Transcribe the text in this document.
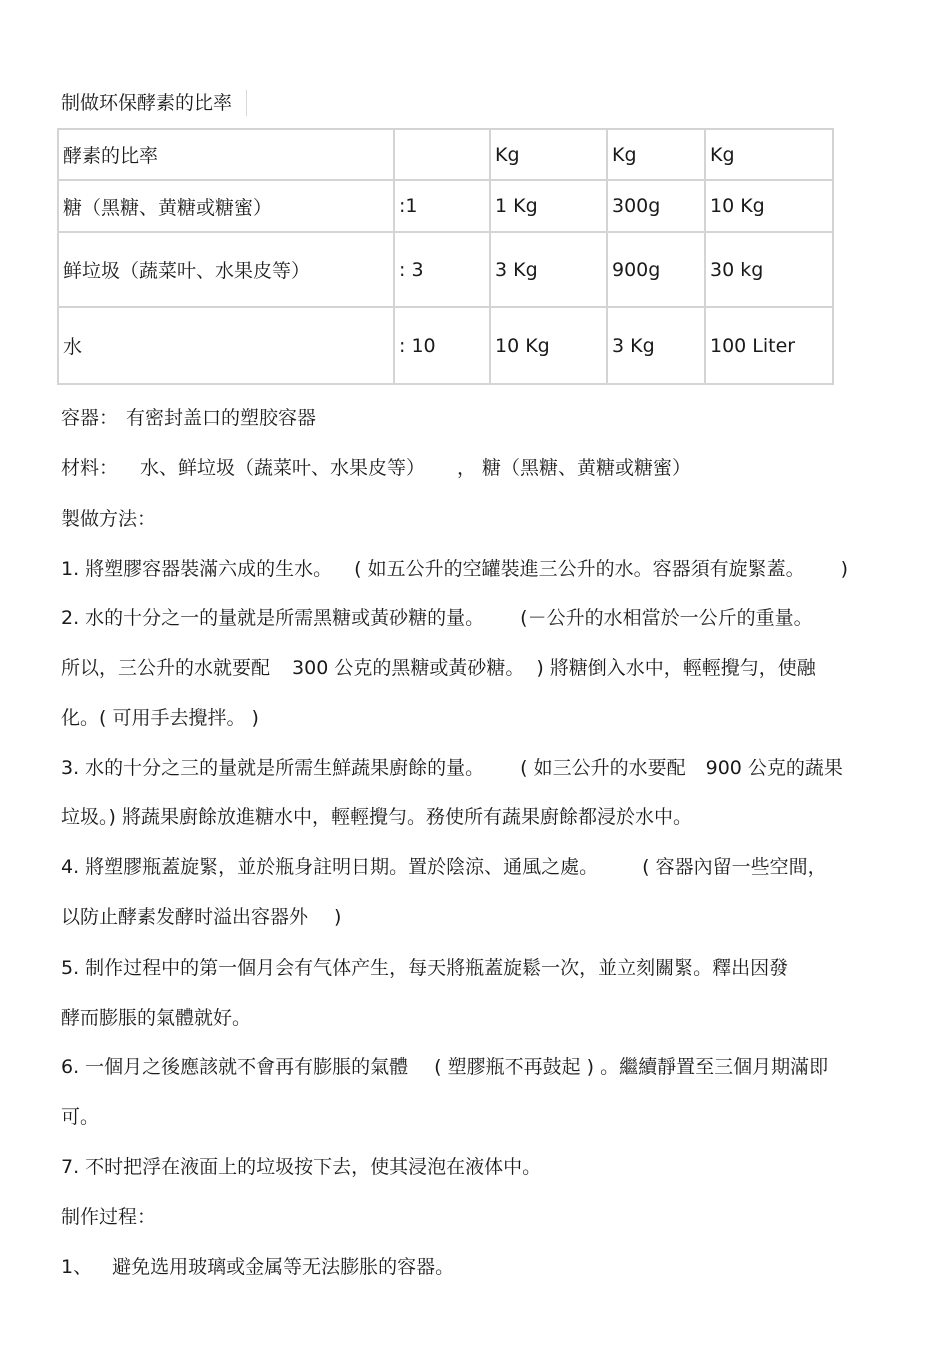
制做环保酵素的比率
酵素的比率		Kg	Kg	Kg
糖（黑糖、黄糖或糖蜜）	:1	1 Kg	300g	10 Kg
鲜垃圾（蔬菜叶、水果皮等）	: 3	3 Kg	900g	30 kg
水	: 10	10 Kg	3 Kg	100 Liter
容器： 有密封盖口的塑胶容器
材料： 水、鲜垃圾（蔬菜叶、水果皮等） ， 糖（黑糖、黄糖或糖蜜）
製做方法：
1. 將塑膠容器裝滿六成的生水。 ( 如五公升的空罐裝進三公升的水。容器須有旋緊蓋。 )
2. 水的十分之一的量就是所需黑糖或黃砂糖的量。 (－公升的水相當於一公斤的重量。
所以，三公升的水就要配 300 公克的黑糖或黃砂糖。 ) 將糖倒入水中，輕輕攪勻，使融
化。( 可用手去攪拌。 )
3. 水的十分之三的量就是所需生鮮蔬果廚餘的量。 ( 如三公升的水要配 900 公克的蔬果
垃圾。) 將蔬果廚餘放進糖水中，輕輕攪勻。務使所有蔬果廚餘都浸於水中。
4. 將塑膠瓶蓋旋緊，並於瓶身註明日期。置於陰涼、通風之處。 ( 容器內留一些空間，
以防止酵素发酵时溢出容器外 )
5. 制作过程中的第一個月会有气体产生，每天將瓶蓋旋鬆一次，並立刻關緊。釋出因發
酵而膨脹的氣體就好。
6. 一個月之後應該就不會再有膨脹的氣體 ( 塑膠瓶不再鼓起 ) 。繼續靜置至三個月期滿即
可。
7. 不时把浮在液面上的垃圾按下去，使其浸泡在液体中。
制作过程：
1、 避免选用玻璃或金属等无法膨胀的容器。
